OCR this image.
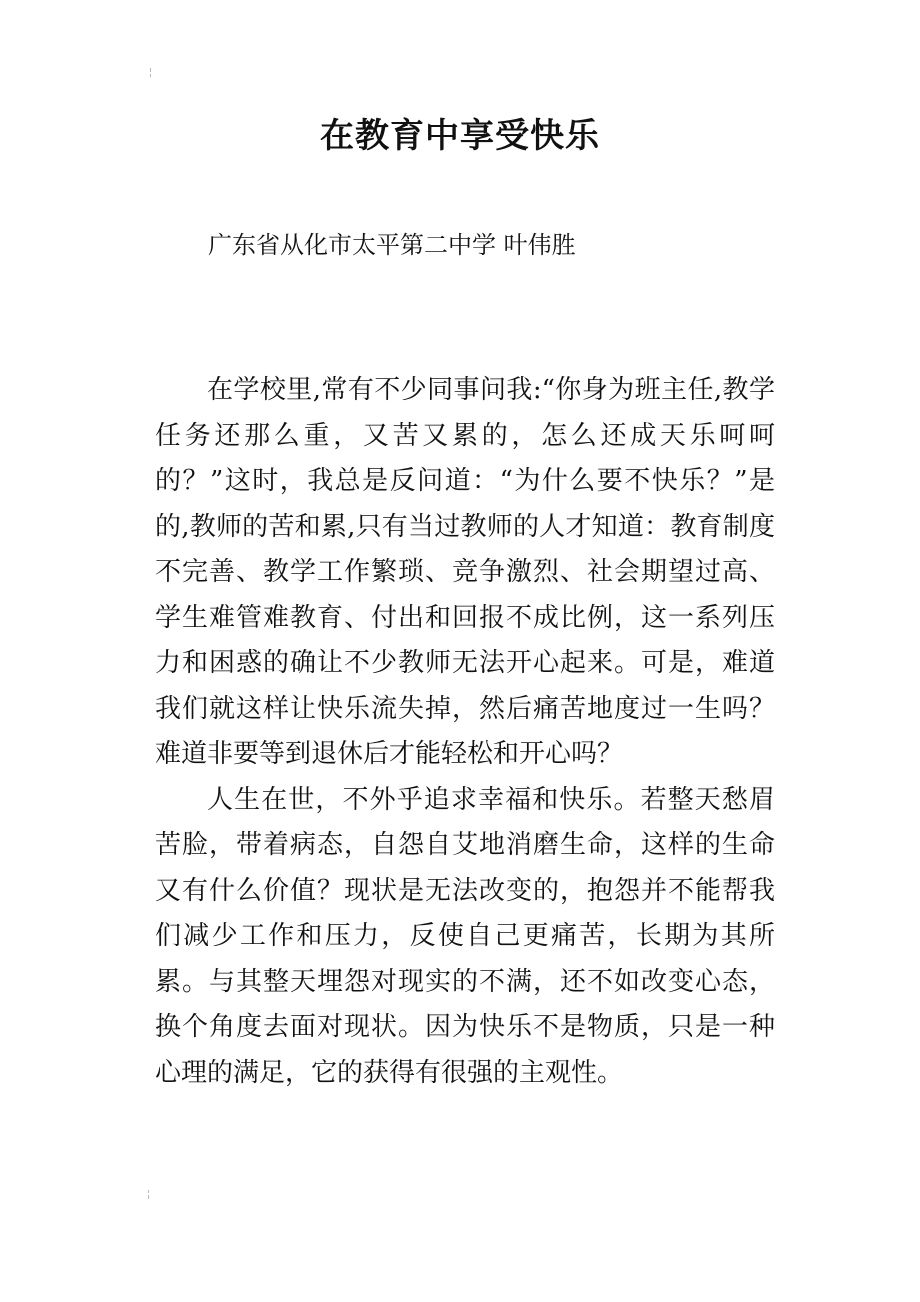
在教育中享受快乐

广东省从化市太平第二中学 叶伟胜

在学校里,常有不少同事问我:“你身为班主任,教学任务还那么重，又苦又累的，怎么还成天乐呵呵的？”这时，我总是反问道：“为什么要不快乐？”是的,教师的苦和累,只有当过教师的人才知道：教育制度不完善、教学工作繁琐、竞争激烈、社会期望过高、学生难管难教育、付出和回报不成比例，这一系列压力和困惑的确让不少教师无法开心起来。可是，难道我们就这样让快乐流失掉，然后痛苦地度过一生吗？难道非要等到退休后才能轻松和开心吗？

人生在世，不外乎追求幸福和快乐。若整天愁眉苦脸，带着病态，自怨自艾地消磨生命，这样的生命又有什么价值？现状是无法改变的，抱怨并不能帮我们减少工作和压力，反使自己更痛苦，长期为其所累。与其整天埋怨对现实的不满，还不如改变心态，换个角度去面对现状。因为快乐不是物质，只是一种心理的满足，它的获得有很强的主观性。
